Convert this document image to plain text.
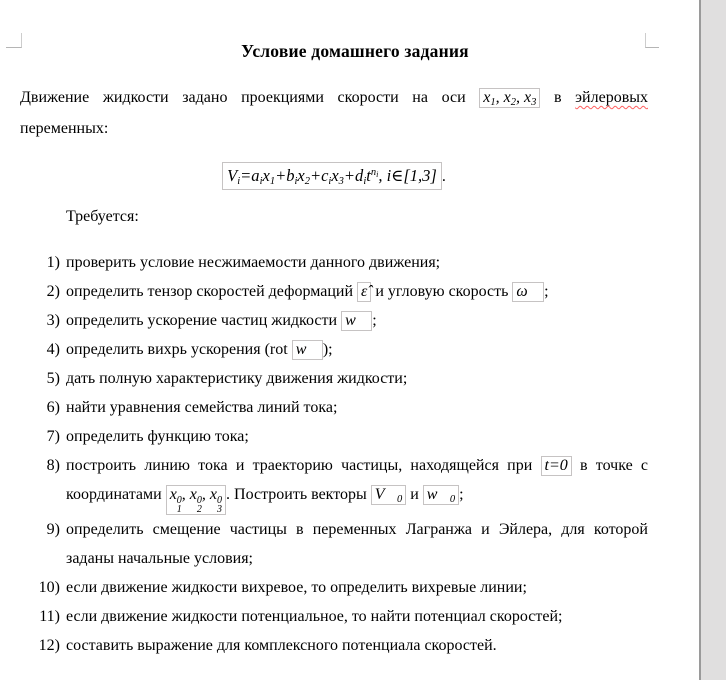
Условие домашнего задания
Движение жидкости задано проекциями скорости на оси $x_1$, $x_2$, $x_3$ в эйлеровых
переменных:
$V_i=a_ix_1+b_ix_2+c_ix_3+d_it^{n_i}$, i∈[1,3] .
Требуется:
1) проверить условие несжимаемости данного движения;
2) определить тензор скоростей деформаций ε̂ и угловую скорость ω⃗ ;
3) определить ускорение частиц жидкости w⃗ ;
4) определить вихрь ускорения (rot w⃗ );
5) дать полную характеристику движения жидкости;
6) найти уравнения семейства линий тока;
7) определить функцию тока;
8) построить линию тока и траекторию частицы, находящейся при t=0 в точке с координатами x 0
1
, x 0
2
, x 0
3
. Построить векторы $V⃗_0$ и $w⃗_0$ ;
9) определить смещение частицы в переменных Лагранжа и Эйлера, для которой заданы начальные условия;
10) если движение жидкости вихревое, то определить вихревые линии;
11) если движение жидкости потенциальное, то найти потенциал скоростей;
12) составить выражение для комплексного потенциала скоростей.
